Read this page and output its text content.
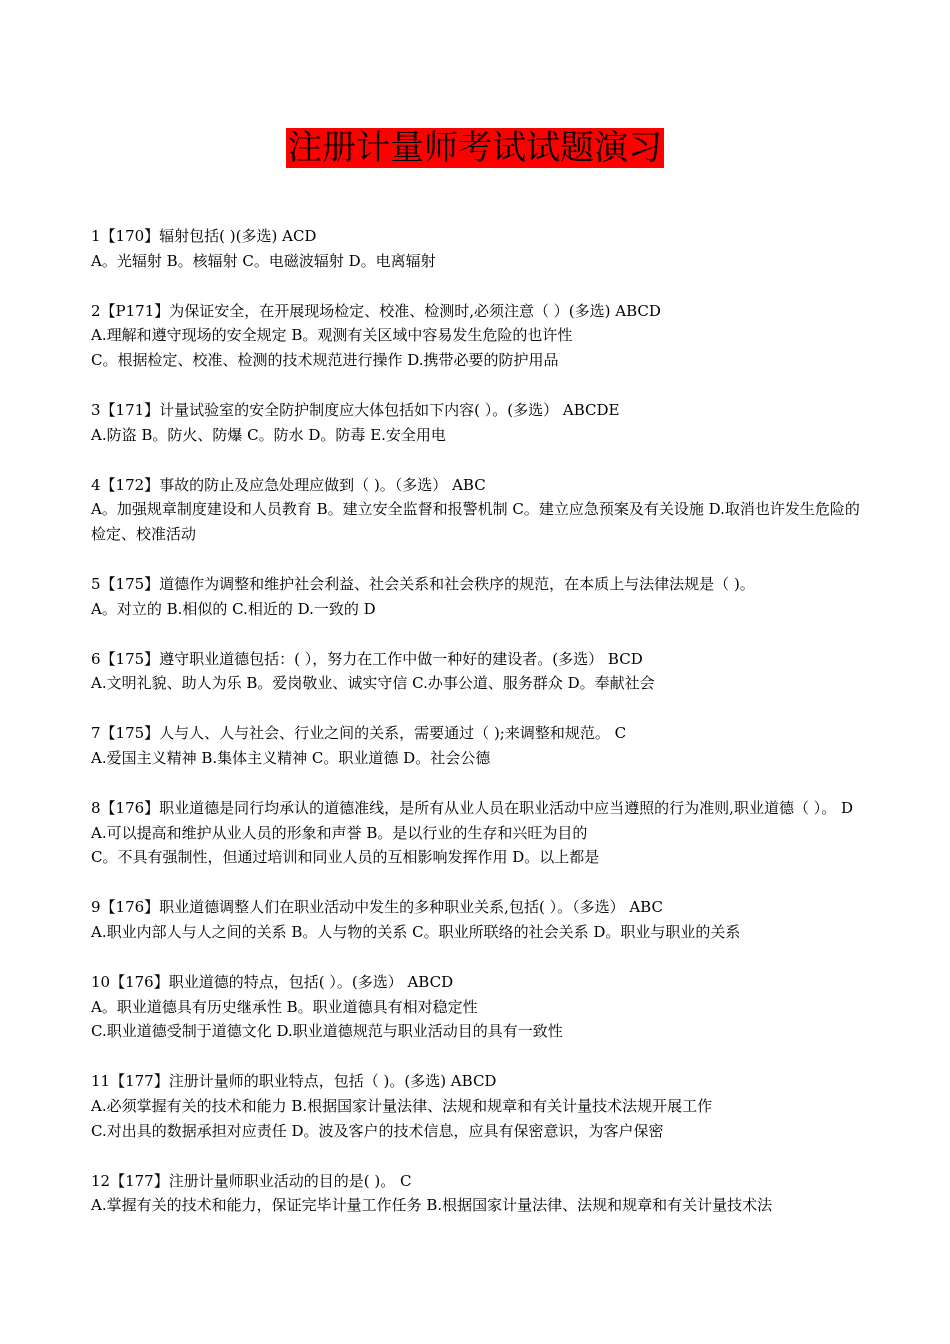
注册计量师考试试题演习
1【170】辐射包括( )(多选) ACD
A。光辐射 B。核辐射 C。电磁波辐射 D。电离辐射
2【P171】为保证安全，在开展现场检定、校准、检测时,必须注意（ ）(多选) ABCD
A.理解和遵守现场的安全规定 B。观测有关区域中容易发生危险的也许性
C。根据检定、校准、检测的技术规范进行操作 D.携带必要的防护用品
3【171】计量试验室的安全防护制度应大体包括如下内容( ）。(多选） ABCDE
A.防盗 B。防火、防爆 C。防水 D。防毒 E.安全用电
4【172】事故的防止及应急处理应做到（ )。（多选） ABC
A。加强规章制度建设和人员教育 B。建立安全监督和报警机制 C。建立应急预案及有关设施 D.取消也许发生危险的检定、校准活动
5【175】道德作为调整和维护社会利益、社会关系和社会秩序的规范，在本质上与法律法规是（ )。
A。对立的 B.相似的 C.相近的 D.一致的 D
6【175】遵守职业道德包括：( ），努力在工作中做一种好的建设者。(多选） BCD
A.文明礼貌、助人为乐 B。爱岗敬业、诚实守信 C.办事公道、服务群众 D。奉献社会
7【175】人与人、人与社会、行业之间的关系，需要通过（ );来调整和规范。 C
A.爱国主义精神 B.集体主义精神 C。职业道德 D。社会公德
8【176】职业道德是同行均承认的道德准线，是所有从业人员在职业活动中应当遵照的行为准则,职业道德（ ）。 D
A.可以提高和维护从业人员的形象和声誉 B。是以行业的生存和兴旺为目的
C。不具有强制性，但通过培训和同业人员的互相影响发挥作用 D。以上都是
9【176】职业道德调整人们在职业活动中发生的多种职业关系,包括( ）。（多选） ABC
A.职业内部人与人之间的关系 B。人与物的关系 C。职业所联络的社会关系 D。职业与职业的关系
10【176】职业道德的特点，包括( ）。(多选） ABCD
A。职业道德具有历史继承性 B。职业道德具有相对稳定性
C.职业道德受制于道德文化 D.职业道德规范与职业活动目的具有一致性
11【177】注册计量师的职业特点，包括（ )。(多选) ABCD
A.必须掌握有关的技术和能力 B.根据国家计量法律、法规和规章和有关计量技术法规开展工作
C.对出具的数据承担对应责任 D。波及客户的技术信息，应具有保密意识，为客户保密
12【177】注册计量师职业活动的目的是( )。 C
A.掌握有关的技术和能力，保证完毕计量工作任务 B.根据国家计量法律、法规和规章和有关计量技术法
